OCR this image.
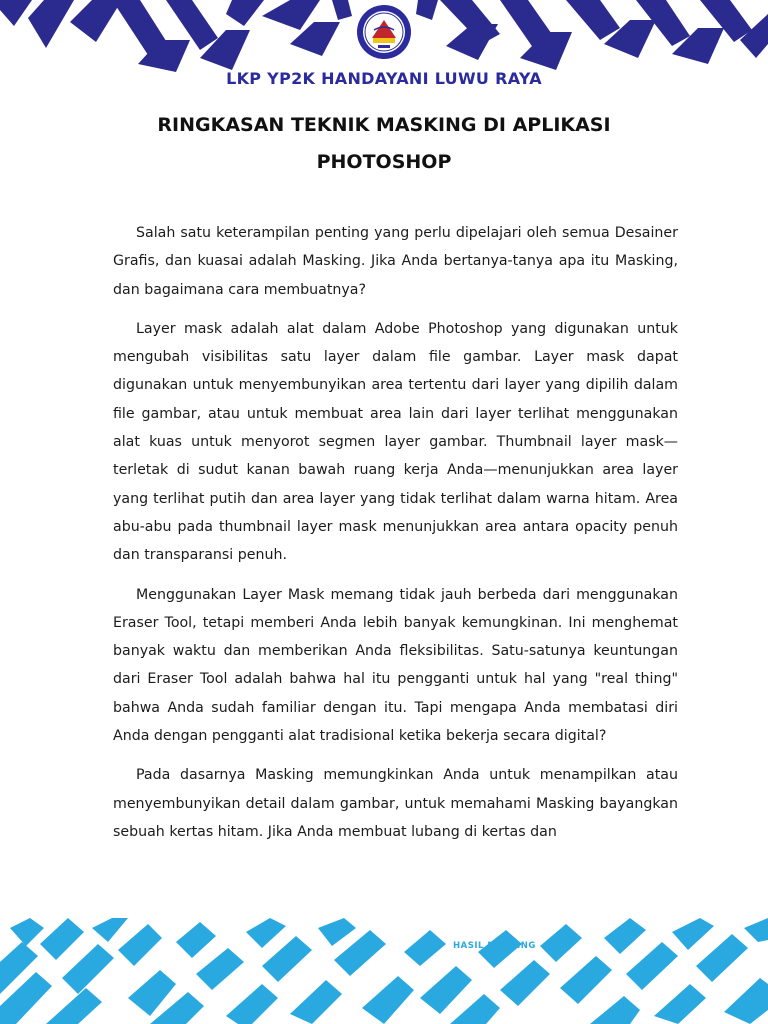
LKP YP2K HANDAYANI LUWU RAYA
RINGKASAN TEKNIK MASKING DI APLIKASI
PHOTOSHOP

Salah satu keterampilan penting yang perlu dipelajari oleh semua Desainer Grafis, dan kuasai adalah Masking. Jika Anda bertanya-tanya apa itu Masking, dan bagaimana cara membuatnya?

Layer mask adalah alat dalam Adobe Photoshop yang digunakan untuk mengubah visibilitas satu layer dalam file gambar. Layer mask dapat digunakan untuk menyembunyikan area tertentu dari layer yang dipilih dalam file gambar, atau untuk membuat area lain dari layer terlihat menggunakan alat kuas untuk menyorot segmen layer gambar. Thumbnail layer mask—terletak di sudut kanan bawah ruang kerja Anda—menunjukkan area layer yang terlihat putih dan area layer yang tidak terlihat dalam warna hitam. Area abu-abu pada thumbnail layer mask menunjukkan area antara opacity penuh dan transparansi penuh.

Menggunakan Layer Mask memang tidak jauh berbeda dari menggunakan Eraser Tool, tetapi memberi Anda lebih banyak kemungkinan. Ini menghemat banyak waktu dan memberikan Anda fleksibilitas. Satu-satunya keuntungan dari Eraser Tool adalah bahwa hal itu pengganti untuk hal yang "real thing" bahwa Anda sudah familiar dengan itu. Tapi mengapa Anda membatasi diri Anda dengan pengganti alat tradisional ketika bekerja secara digital?

Pada dasarnya Masking memungkinkan Anda untuk menampilkan atau menyembunyikan detail dalam gambar, untuk memahami Masking bayangkan sebuah kertas hitam. Jika Anda membuat lubang di kertas dan

HASIL MASKING
